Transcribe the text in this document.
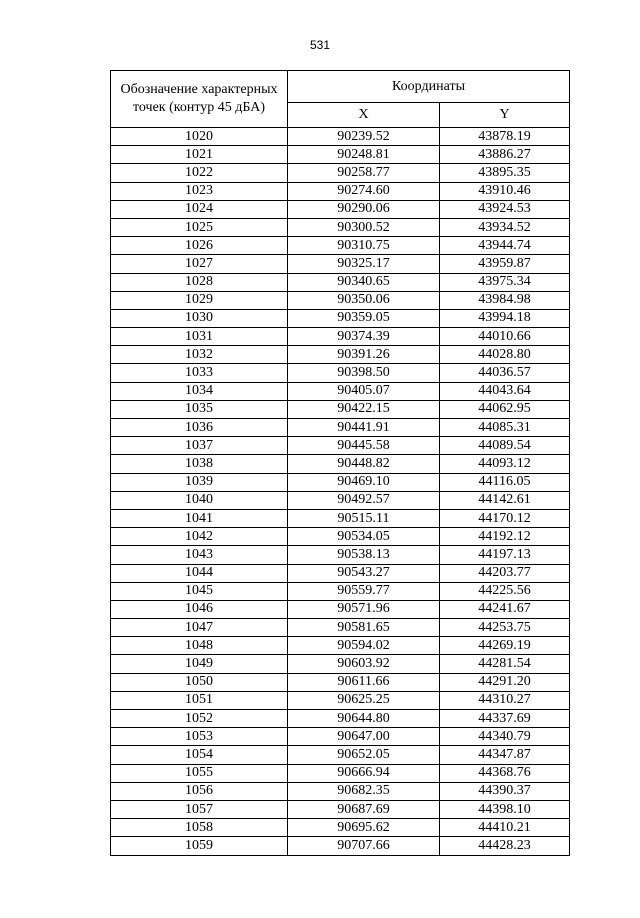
531
Обозначение характерных точек (контур 45 дБА)	Координаты	
	X	Y
1020	90239.52	43878.19
1021	90248.81	43886.27
1022	90258.77	43895.35
1023	90274.60	43910.46
1024	90290.06	43924.53
1025	90300.52	43934.52
1026	90310.75	43944.74
1027	90325.17	43959.87
1028	90340.65	43975.34
1029	90350.06	43984.98
1030	90359.05	43994.18
1031	90374.39	44010.66
1032	90391.26	44028.80
1033	90398.50	44036.57
1034	90405.07	44043.64
1035	90422.15	44062.95
1036	90441.91	44085.31
1037	90445.58	44089.54
1038	90448.82	44093.12
1039	90469.10	44116.05
1040	90492.57	44142.61
1041	90515.11	44170.12
1042	90534.05	44192.12
1043	90538.13	44197.13
1044	90543.27	44203.77
1045	90559.77	44225.56
1046	90571.96	44241.67
1047	90581.65	44253.75
1048	90594.02	44269.19
1049	90603.92	44281.54
1050	90611.66	44291.20
1051	90625.25	44310.27
1052	90644.80	44337.69
1053	90647.00	44340.79
1054	90652.05	44347.87
1055	90666.94	44368.76
1056	90682.35	44390.37
1057	90687.69	44398.10
1058	90695.62	44410.21
1059	90707.66	44428.23
